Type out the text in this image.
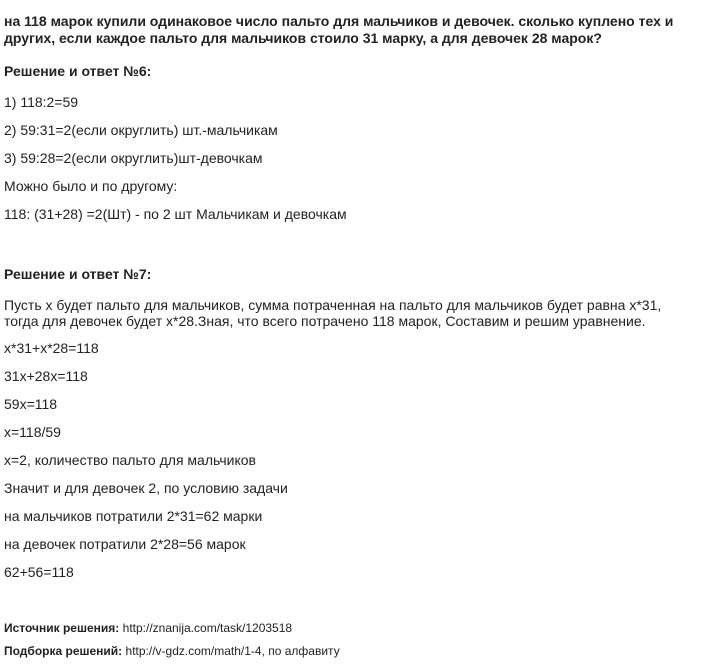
на 118 марок купили одинаковое число пальто для мальчиков и девочек. сколько куплено тех и других, если каждое пальто для мальчиков стоило 31 марку, а для девочек 28 марок?

Решение и ответ №6:

1) 118:2=59

2) 59:31=2(если округлить) шт.-мальчикам

3) 59:28=2(если округлить)шт-девочкам

Можно было и по другому:

118: (31+28) =2(Шт) - по 2 шт Мальчикам и девочкам

Решение и ответ №7:

Пусть х будет пальто для мальчиков, сумма потраченная на пальто для мальчиков будет равна х*31, тогда для девочек будет х*28.Зная, что всего потрачено 118 марок, Составим и решим уравнение.

х*31+х*28=118

31х+28х=118

59х=118

х=118/59

х=2, количество пальто для мальчиков

Значит и для девочек 2, по условию задачи

на мальчиков потратили 2*31=62 марки

на девочек потратили 2*28=56 марок

62+56=118

Источник решения: http://znanija.com/task/1203518

Подборка решений: http://v-gdz.com/math/1-4, по алфавиту
